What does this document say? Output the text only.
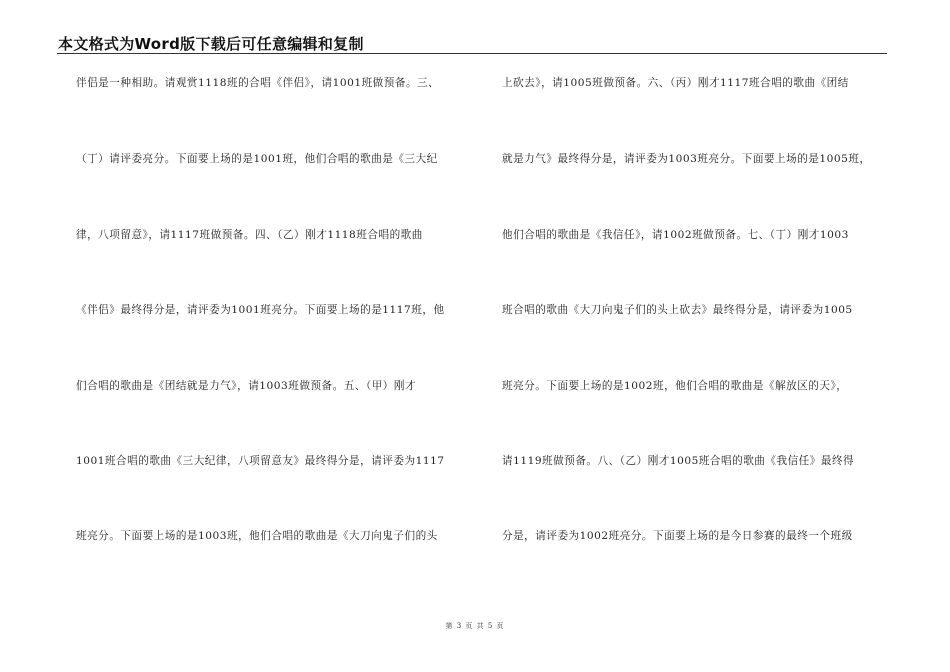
本文格式为Word版下载后可任意编辑和复制
伴侣是一种相助。请观赏1118班的合唱《伴侣》，请1001班做预备。三、
（丁）请评委亮分。下面要上场的是1001班，他们合唱的歌曲是《三大纪
律，八项留意》，请1117班做预备。四、（乙）刚才1118班合唱的歌曲
《伴侣》最终得分是，请评委为1001班亮分。下面要上场的是1117班，他
们合唱的歌曲是《团结就是力气》，请1003班做预备。五、（甲）刚才
1001班合唱的歌曲《三大纪律，八项留意友》最终得分是，请评委为1117
班亮分。下面要上场的是1003班，他们合唱的歌曲是《大刀向鬼子们的头
上砍去》，请1005班做预备。六、（丙）刚才1117班合唱的歌曲《团结
就是力气》最终得分是，请评委为1003班亮分。下面要上场的是1005班，
他们合唱的歌曲是《我信任》，请1002班做预备。七、（丁）刚才1003
班合唱的歌曲《大刀向鬼子们的头上砍去》最终得分是，请评委为1005
班亮分。下面要上场的是1002班，他们合唱的歌曲是《解放区的天》，
请1119班做预备。八、（乙）刚才1005班合唱的歌曲《我信任》最终得
分是，请评委为1002班亮分。下面要上场的是今日参赛的最终一个班级
第 3 页 共 5 页
